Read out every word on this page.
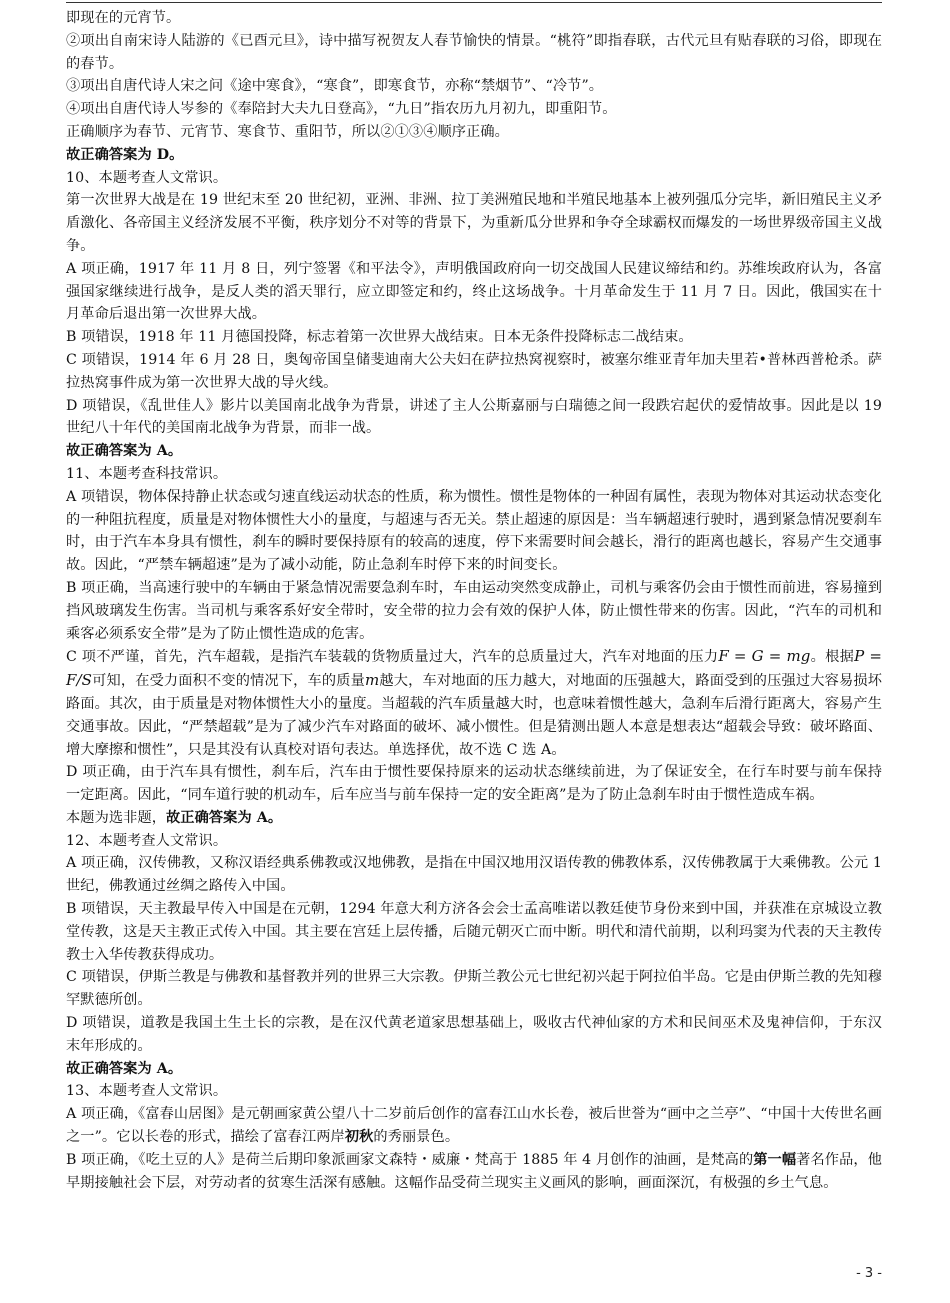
即现在的元宵节。

②项出自南宋诗人陆游的《已酉元旦》，诗中描写祝贺友人春节愉快的情景。“桃符”即指春联，古代元旦有贴春联的习俗，即现在的春节。

③项出自唐代诗人宋之问《途中寒食》，“寒食”，即寒食节，亦称“禁烟节”、“冷节”。

④项出自唐代诗人岑参的《奉陪封大夫九日登高》，“九日”指农历九月初九，即重阳节。

正确顺序为春节、元宵节、寒食节、重阳节，所以②①③④顺序正确。

故正确答案为 D。

10、本题考查人文常识。

第一次世界大战是在 19 世纪末至 20 世纪初，亚洲、非洲、拉丁美洲殖民地和半殖民地基本上被列强瓜分完毕，新旧殖民主义矛盾激化、各帝国主义经济发展不平衡，秩序划分不对等的背景下，为重新瓜分世界和争夺全球霸权而爆发的一场世界级帝国主义战争。

A 项正确，1917 年 11 月 8 日，列宁签署《和平法令》，声明俄国政府向一切交战国人民建议缔结和约。苏维埃政府认为，各富强国家继续进行战争，是反人类的滔天罪行，应立即签定和约，终止这场战争。十月革命发生于 11 月 7 日。因此，俄国实在十月革命后退出第一次世界大战。

B 项错误，1918 年 11 月德国投降，标志着第一次世界大战结束。日本无条件投降标志二战结束。

C 项错误，1914 年 6 月 28 日，奥匈帝国皇储斐迪南大公夫妇在萨拉热窝视察时，被塞尔维亚青年加夫里若•普林西普枪杀。萨拉热窝事件成为第一次世界大战的导火线。

D 项错误，《乱世佳人》影片以美国南北战争为背景，讲述了主人公斯嘉丽与白瑞德之间一段跌宕起伏的爱情故事。因此是以 19 世纪八十年代的美国南北战争为背景，而非一战。

故正确答案为 A。

11、本题考查科技常识。

A 项错误，物体保持静止状态或匀速直线运动状态的性质，称为惯性。惯性是物体的一种固有属性，表现为物体对其运动状态变化的一种阻抗程度，质量是对物体惯性大小的量度，与超速与否无关。禁止超速的原因是：当车辆超速行驶时，遇到紧急情况要刹车时，由于汽车本身具有惯性，刹车的瞬时要保持原有的较高的速度，停下来需要时间会越长，滑行的距离也越长，容易产生交通事故。因此，“严禁车辆超速”是为了减小动能，防止急刹车时停下来的时间变长。

B 项正确，当高速行驶中的车辆由于紧急情况需要急刹车时，车由运动突然变成静止，司机与乘客仍会由于惯性而前进，容易撞到挡风玻璃发生伤害。当司机与乘客系好安全带时，安全带的拉力会有效的保护人体，防止惯性带来的伤害。因此，“汽车的司机和乘客必须系安全带”是为了防止惯性造成的危害。

C 项不严谨，首先，汽车超载，是指汽车装载的货物质量过大，汽车的总质量过大，汽车对地面的压力F = G = mg。根据P = F/S可知，在受力面积不变的情况下，车的质量m越大，车对地面的压力越大，对地面的压强越大，路面受到的压强过大容易损坏路面。其次，由于质量是对物体惯性大小的量度。当超载的汽车质量越大时，也意味着惯性越大，急刹车后滑行距离大，容易产生交通事故。因此，“严禁超载”是为了减少汽车对路面的破坏、减小惯性。但是猜测出题人本意是想表达“超载会导致：破坏路面、增大摩擦和惯性”，只是其没有认真校对语句表达。单选择优，故不选 C 选 A。

D 项正确，由于汽车具有惯性，刹车后，汽车由于惯性要保持原来的运动状态继续前进，为了保证安全，在行车时要与前车保持一定距离。因此，“同车道行驶的机动车，后车应当与前车保持一定的安全距离”是为了防止急刹车时由于惯性造成车祸。

本题为选非题，故正确答案为 A。

12、本题考查人文常识。

A 项正确，汉传佛教，又称汉语经典系佛教或汉地佛教，是指在中国汉地用汉语传教的佛教体系，汉传佛教属于大乘佛教。公元 1 世纪，佛教通过丝绸之路传入中国。

B 项错误，天主教最早传入中国是在元朝，1294 年意大利方济各会会士孟高唯诺以教廷使节身份来到中国，并获准在京城设立教堂传教，这是天主教正式传入中国。其主要在宫廷上层传播，后随元朝灭亡而中断。明代和清代前期，以利玛窦为代表的天主教传教士入华传教获得成功。

C 项错误，伊斯兰教是与佛教和基督教并列的世界三大宗教。伊斯兰教公元七世纪初兴起于阿拉伯半岛。它是由伊斯兰教的先知穆罕默德所创。

D 项错误，道教是我国土生土长的宗教，是在汉代黄老道家思想基础上，吸收古代神仙家的方术和民间巫术及鬼神信仰，于东汉末年形成的。

故正确答案为 A。

13、本题考查人文常识。

A 项正确，《富春山居图》是元朝画家黄公望八十二岁前后创作的富春江山水长卷，被后世誉为“画中之兰亭”、“中国十大传世名画之一”。它以长卷的形式，描绘了富春江两岸初秋的秀丽景色。

B 项正确，《吃土豆的人》是荷兰后期印象派画家文森特・威廉・梵高于 1885 年 4 月创作的油画，是梵高的第一幅著名作品，他早期接触社会下层，对劳动者的贫寒生活深有感触。这幅作品受荷兰现实主义画风的影响，画面深沉，有极强的乡土气息。

- 3 -
